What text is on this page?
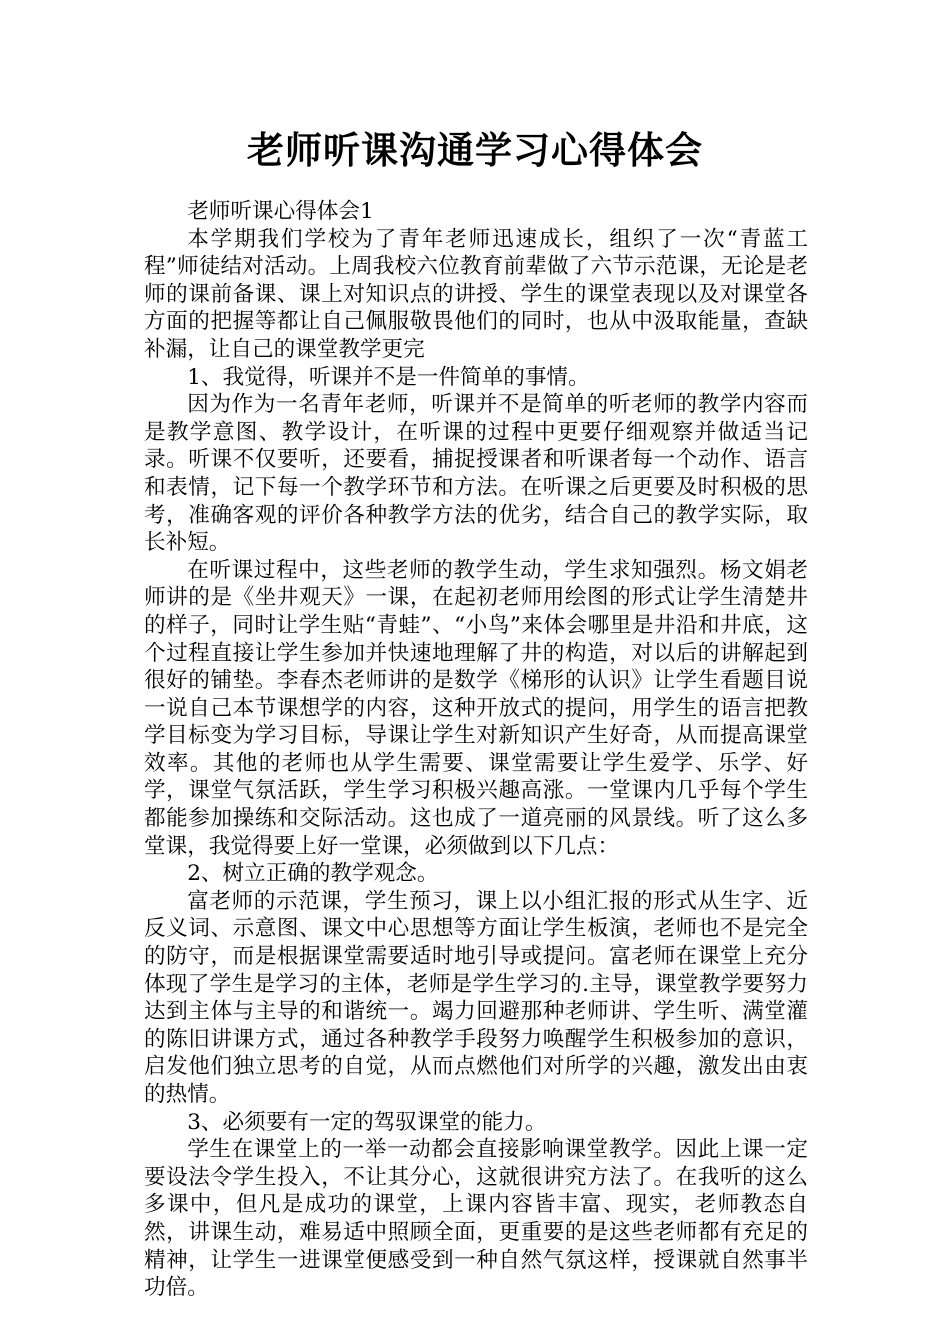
老师听课沟通学习心得体会

老师听课心得体会1

本学期我们学校为了青年老师迅速成长，组织了一次“青蓝工程”师徒结对活动。上周我校六位教育前辈做了六节示范课，无论是老师的课前备课、课上对知识点的讲授、学生的课堂表现以及对课堂各方面的把握等都让自己佩服敬畏他们的同时，也从中汲取能量，查缺补漏，让自己的课堂教学更完

1、我觉得，听课并不是一件简单的事情。

因为作为一名青年老师，听课并不是简单的听老师的教学内容而是教学意图、教学设计，在听课的过程中更要仔细观察并做适当记录。听课不仅要听，还要看，捕捉授课者和听课者每一个动作、语言和表情，记下每一个教学环节和方法。在听课之后更要及时积极的思考，准确客观的评价各种教学方法的优劣，结合自己的教学实际，取长补短。

在听课过程中，这些老师的教学生动，学生求知强烈。杨文娟老师讲的是《坐井观天》一课，在起初老师用绘图的形式让学生清楚井的样子，同时让学生贴“青蛙”、“小鸟”来体会哪里是井沿和井底，这个过程直接让学生参加并快速地理解了井的构造，对以后的讲解起到很好的铺垫。李春杰老师讲的是数学《梯形的认识》让学生看题目说一说自己本节课想学的内容，这种开放式的提问，用学生的语言把教学目标变为学习目标，导课让学生对新知识产生好奇，从而提高课堂效率。其他的老师也从学生需要、课堂需要让学生爱学、乐学、好学，课堂气氛活跃，学生学习积极兴趣高涨。一堂课内几乎每个学生都能参加操练和交际活动。这也成了一道亮丽的风景线。听了这么多堂课，我觉得要上好一堂课，必须做到以下几点：

2、树立正确的教学观念。

富老师的示范课，学生预习，课上以小组汇报的形式从生字、近反义词、示意图、课文中心思想等方面让学生板演，老师也不是完全的防守，而是根据课堂需要适时地引导或提问。富老师在课堂上充分体现了学生是学习的主体，老师是学生学习的.主导，课堂教学要努力达到主体与主导的和谐统一。竭力回避那种老师讲、学生听、满堂灌的陈旧讲课方式，通过各种教学手段努力唤醒学生积极参加的意识，启发他们独立思考的自觉，从而点燃他们对所学的兴趣，激发出由衷的热情。

3、必须要有一定的驾驭课堂的能力。

学生在课堂上的一举一动都会直接影响课堂教学。因此上课一定要设法令学生投入，不让其分心，这就很讲究方法了。在我听的这么多课中，但凡是成功的课堂，上课内容皆丰富、现实，老师教态自然，讲课生动，难易适中照顾全面，更重要的是这些老师都有充足的精神，让学生一进课堂便感受到一种自然气氛这样，授课就自然事半功倍。
